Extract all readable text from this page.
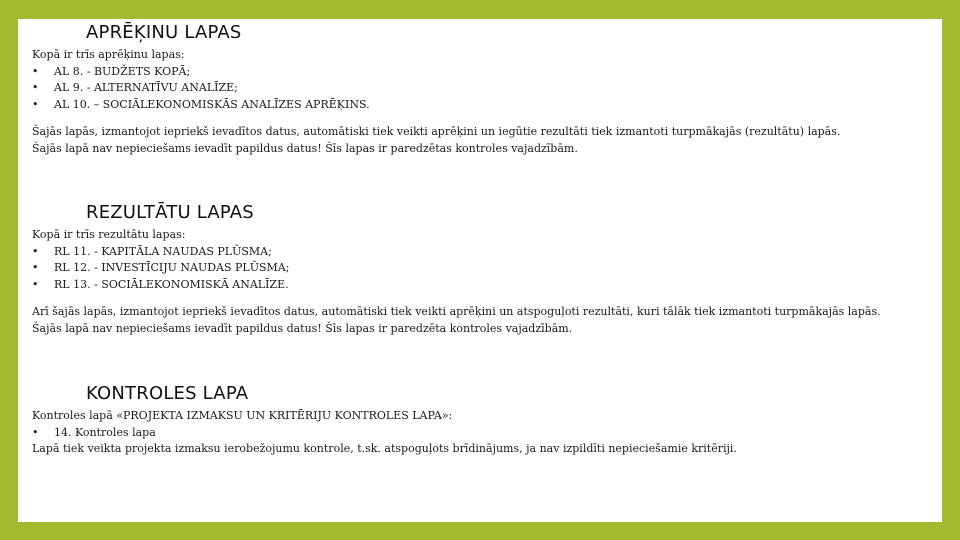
APRĒĶINU LAPAS
Kopā ir trīs aprēķinu lapas:
•	AL 8. - BUDŽETS KOPĀ;
•	AL 9. - ALTERNATĪVU ANALĪZE;
•	AL 10. – SOCIĀLEKONOMISKĀS ANALĪZES APRĒĶINS.
Šajās lapās, izmantojot iepriekš ievadītos datus, automātiski tiek veikti aprēķini un iegūtie rezultāti tiek izmantoti turpmākajās (rezultātu) lapās.
Šajās lapā nav nepieciešams ievadīt papildus datus! Šīs lapas ir paredzētas kontroles vajadzībām.
REZULTĀTU LAPAS
Kopā ir trīs rezultātu lapas:
•	RL 11. - KAPITĀLA NAUDAS PLŪSMA;
•	RL 12. - INVESTĪCIJU NAUDAS PLŪSMA;
•	RL 13. - SOCIĀLEKONOMISKĀ ANALĪZE.
Arī šajās lapās, izmantojot iepriekš ievadītos datus, automātiski tiek veikti aprēķini un atspoguļoti rezultāti, kuri tālāk tiek izmantoti turpmākajās lapās.
Šajās lapā nav nepieciešams ievadīt papildus datus! Šīs lapas ir paredzēta kontroles vajadzībām.
KONTROLES LAPA
Kontroles lapā «PROJEKTA IZMAKSU UN KRITĒRIJU KONTROLES LAPA»:
•	14. Kontroles lapa
Lapā tiek veikta projekta izmaksu ierobežojumu kontrole, t.sk. atspoguļots brīdinājums, ja nav izpildīti nepieciešamie kritēriji.
